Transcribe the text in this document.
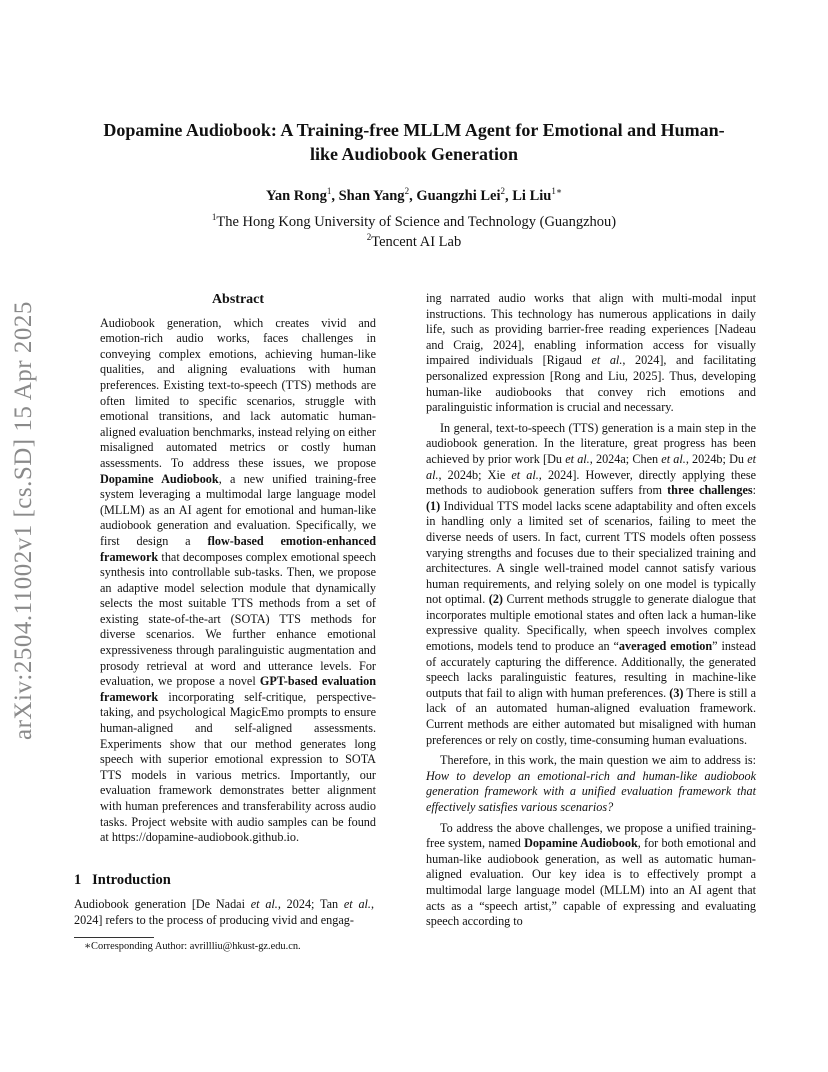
arXiv:2504.11002v1 [cs.SD] 15 Apr 2025
Dopamine Audiobook: A Training-free MLLM Agent for Emotional and Human-like Audiobook Generation
Yan Rong$^1$, Shan Yang$^2$, Guangzhi Lei$^2$, Li Liu$^{1∗}$
$^1$The Hong Kong University of Science and Technology (Guangzhou)
$^2$Tencent AI Lab
Abstract

Audiobook generation, which creates vivid and emotion-rich audio works, faces challenges in conveying complex emotions, achieving human-like qualities, and aligning evaluations with human preferences. Existing text-to-speech (TTS) methods are often limited to specific scenarios, struggle with emotional transitions, and lack automatic human-aligned evaluation benchmarks, instead relying on either misaligned automated metrics or costly human assessments. To address these issues, we propose Dopamine Audiobook, a new unified training-free system leveraging a multimodal large language model (MLLM) as an AI agent for emotional and human-like audiobook generation and evaluation. Specifically, we first design a flow-based emotion-enhanced framework that decomposes complex emotional speech synthesis into controllable sub-tasks. Then, we propose an adaptive model selection module that dynamically selects the most suitable TTS methods from a set of existing state-of-the-art (SOTA) TTS methods for diverse scenarios. We further enhance emotional expressiveness through paralinguistic augmentation and prosody retrieval at word and utterance levels. For evaluation, we propose a novel GPT-based evaluation framework incorporating self-critique, perspective-taking, and psychological MagicEmo prompts to ensure human-aligned and self-aligned assessments. Experiments show that our method generates long speech with superior emotional expression to SOTA TTS models in various metrics. Importantly, our evaluation framework demonstrates better alignment with human preferences and transferability across audio tasks. Project website with audio samples can be found at https://dopamine-audiobook.github.io.

1 Introduction

Audiobook generation [De Nadai et al., 2024; Tan et al., 2024] refers to the process of producing vivid and engag-

∗Corresponding Author: avrillliu@hkust-gz.edu.cn.

ing narrated audio works that align with multi-modal input instructions. This technology has numerous applications in daily life, such as providing barrier-free reading experiences [Nadeau and Craig, 2024], enabling information access for visually impaired individuals [Rigaud et al., 2024], and facilitating personalized expression [Rong and Liu, 2025]. Thus, developing human-like audiobooks that convey rich emotions and paralinguistic information is crucial and necessary.

In general, text-to-speech (TTS) generation is a main step in the audiobook generation. In the literature, great progress has been achieved by prior work [Du et al., 2024a; Chen et al., 2024b; Du et al., 2024b; Xie et al., 2024]. However, directly applying these methods to audiobook generation suffers from three challenges: (1) Individual TTS model lacks scene adaptability and often excels in handling only a limited set of scenarios, failing to meet the diverse needs of users. In fact, current TTS models often possess varying strengths and focuses due to their specialized training and architectures. A single well-trained model cannot satisfy various human requirements, and relying solely on one model is typically not optimal. (2) Current methods struggle to generate dialogue that incorporates multiple emotional states and often lack a human-like expressive quality. Specifically, when speech involves complex emotions, models tend to produce an “averaged emotion” instead of accurately capturing the difference. Additionally, the generated speech lacks paralinguistic features, resulting in machine-like outputs that fail to align with human preferences. (3) There is still a lack of an automated human-aligned evaluation framework. Current methods are either automated but misaligned with human preferences or rely on costly, time-consuming human evaluations.

Therefore, in this work, the main question we aim to address is: How to develop an emotional-rich and human-like audiobook generation framework with a unified evaluation framework that effectively satisfies various scenarios?

To address the above challenges, we propose a unified training-free system, named Dopamine Audiobook, for both emotional and human-like audiobook generation, as well as automatic human-aligned evaluation. Our key idea is to effectively prompt a multimodal large language model (MLLM) into an AI agent that acts as a “speech artist,” capable of expressing and evaluating speech according to
